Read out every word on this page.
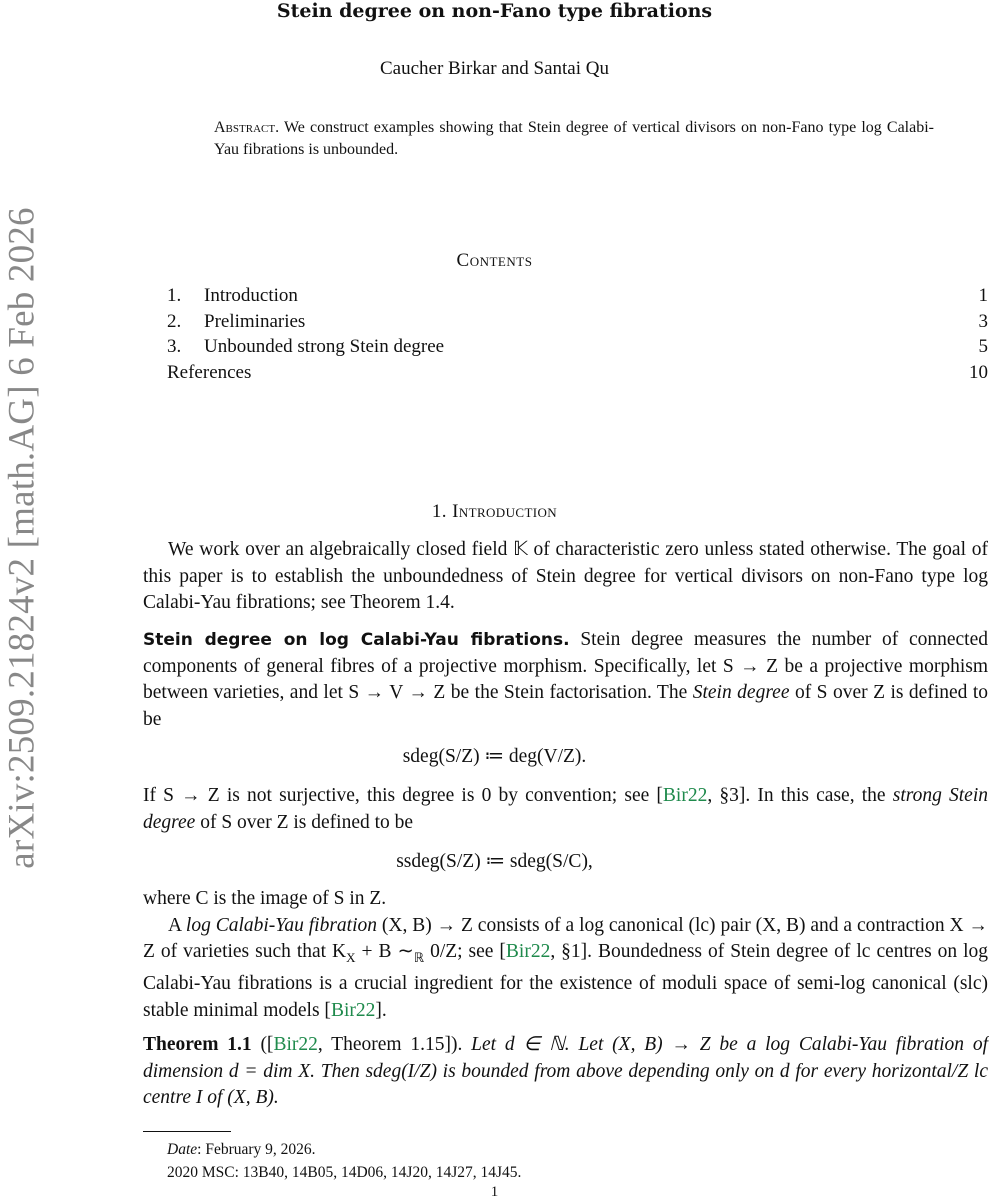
arXiv:2509.21824v2 [math.AG] 6 Feb 2026
Stein degree on non-Fano type fibrations
Caucher Birkar and Santai Qu
Abstract. We construct examples showing that Stein degree of vertical divisors on non-Fano type log Calabi-Yau fibrations is unbounded.
Contents
1. Introduction	1
2. Preliminaries	3
3. Unbounded strong Stein degree	5
References	10
1. Introduction

We work over an algebraically closed field 𝕂 of characteristic zero unless stated otherwise. The goal of this paper is to establish the unboundedness of Stein degree for vertical divisors on non-Fano type log Calabi-Yau fibrations; see Theorem 1.4.

Stein degree on log Calabi-Yau fibrations. Stein degree measures the number of connected components of general fibres of a projective morphism. Specifically, let S → Z be a projective morphism between varieties, and let S → V → Z be the Stein factorisation. The Stein degree of S over Z is defined to be

sdeg(S/Z) ≔ deg(V/Z).

If S → Z is not surjective, this degree is 0 by convention; see [Bir22, §3]. In this case, the strong Stein degree of S over Z is defined to be

ssdeg(S/Z) ≔ sdeg(S/C),

where C is the image of S in Z.

A log Calabi-Yau fibration (X, B) → Z consists of a log canonical (lc) pair (X, B) and a contraction X → Z of varieties such that $K_X + B$ $\sim_ℝ$ 0/Z; see [Bir22, §1]. Boundedness of Stein degree of lc centres on log Calabi-Yau fibrations is a crucial ingredient for the existence of moduli space of semi-log canonical (slc) stable minimal models [Bir22].

Theorem 1.1 ([Bir22, Theorem 1.15]). Let d ∈ ℕ. Let (X, B) → Z be a log Calabi-Yau fibration of dimension d = dim X. Then sdeg(I/Z) is bounded from above depending only on d for every horizontal/Z lc centre I of (X, B).

Date: February 9, 2026.
2020 MSC: 13B40, 14B05, 14D06, 14J20, 14J27, 14J45.
1
